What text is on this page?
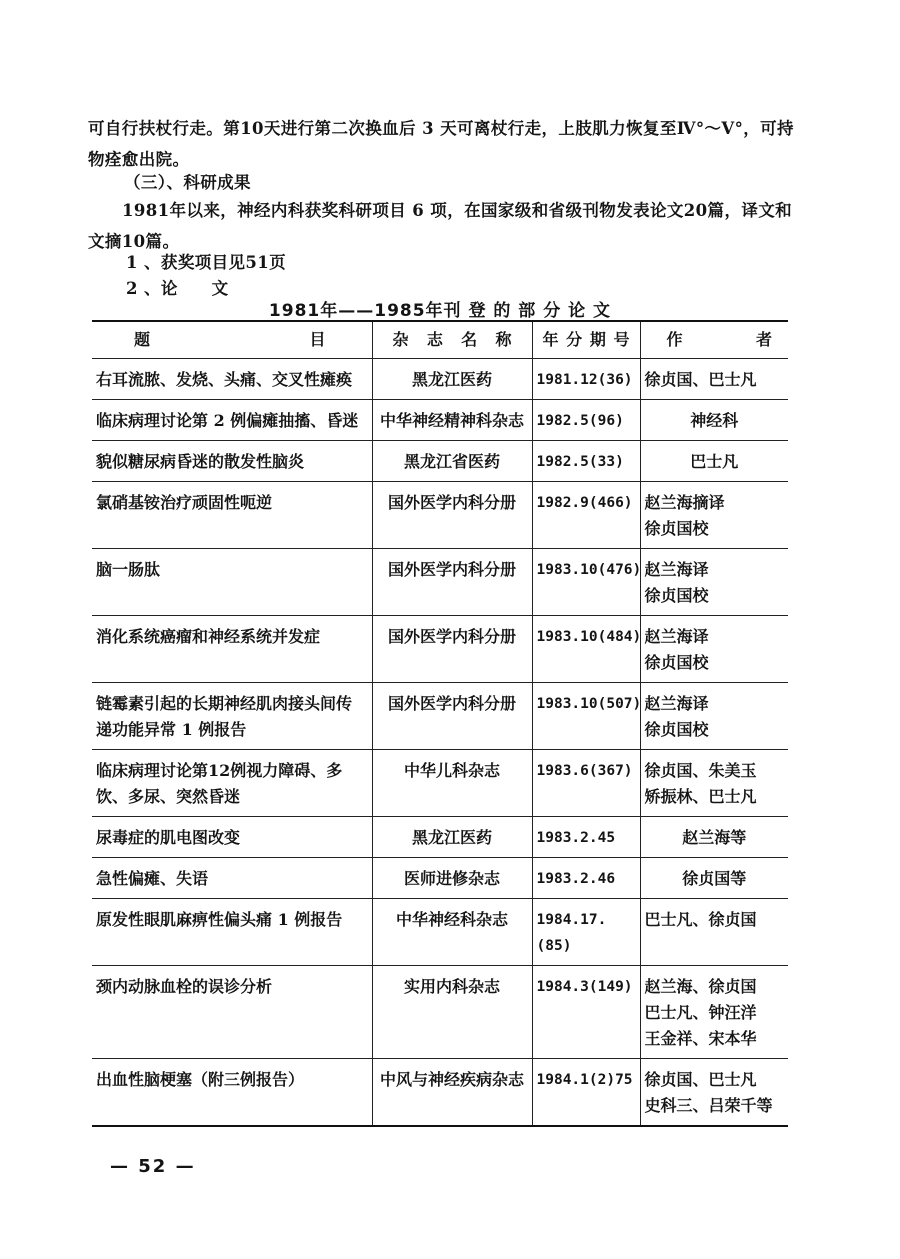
可自行扶杖行走。第10天进行第二次换血后 3 天可离杖行走，上肢肌力恢复至Ⅳ°～Ⅴ°，可持物痊愈出院。

（三）、科研成果

1981年以来，神经内科获奖科研项目 6 项，在国家级和省级刊物发表论文20篇，译文和文摘10篇。

1 、获奖项目见51页
2 、论　　文
1981年——1985年刊 登 的 部 分 论 文
题 目	杂 志 名 称	年 分 期 号	作 者

右耳流脓、发烧、头痛、交叉性瘫痪	黑龙江医药	1981.12(36)	徐贞国、巴士凡

临床病理讨论第 2 例偏瘫抽搐、昏迷	中华神经精神科杂志	1982.5(96)	神经科

貌似糖尿病昏迷的散发性脑炎	黑龙江省医药	1982.5(33)	巴士凡

氯硝基铵治疗顽固性呃逆	国外医学内科分册	1982.9(466)	赵兰海摘译
徐贞国校

脑一肠肽	国外医学内科分册	1983.10(476)	赵兰海译
徐贞国校

消化系统癌瘤和神经系统并发症	国外医学内科分册	1983.10(484)	赵兰海译
徐贞国校

链霉素引起的长期神经肌肉接头间传递功能异常 1 例报告	国外医学内科分册	1983.10(507)	赵兰海译
徐贞国校

临床病理讨论第12例视力障碍、多饮、多尿、突然昏迷	中华儿科杂志	1983.6(367)	徐贞国、朱美玉
矫振林、巴士凡

尿毒症的肌电图改变	黑龙江医药	1983.2.45	赵兰海等

急性偏瘫、失语	医师进修杂志	1983.2.46	徐贞国等

原发性眼肌麻痹性偏头痛 1 例报告	中华神经科杂志	1984.17.(85)	巴士凡、徐贞国

颈内动脉血栓的误诊分析	实用内科杂志	1984.3(149)	赵兰海、徐贞国
巴士凡、钟汪洋
王金祥、宋本华

出血性脑梗塞（附三例报告）	中风与神经疾病杂志	1984.1(2)75	徐贞国、巴士凡
史科三、吕荣千等
— 52 —
